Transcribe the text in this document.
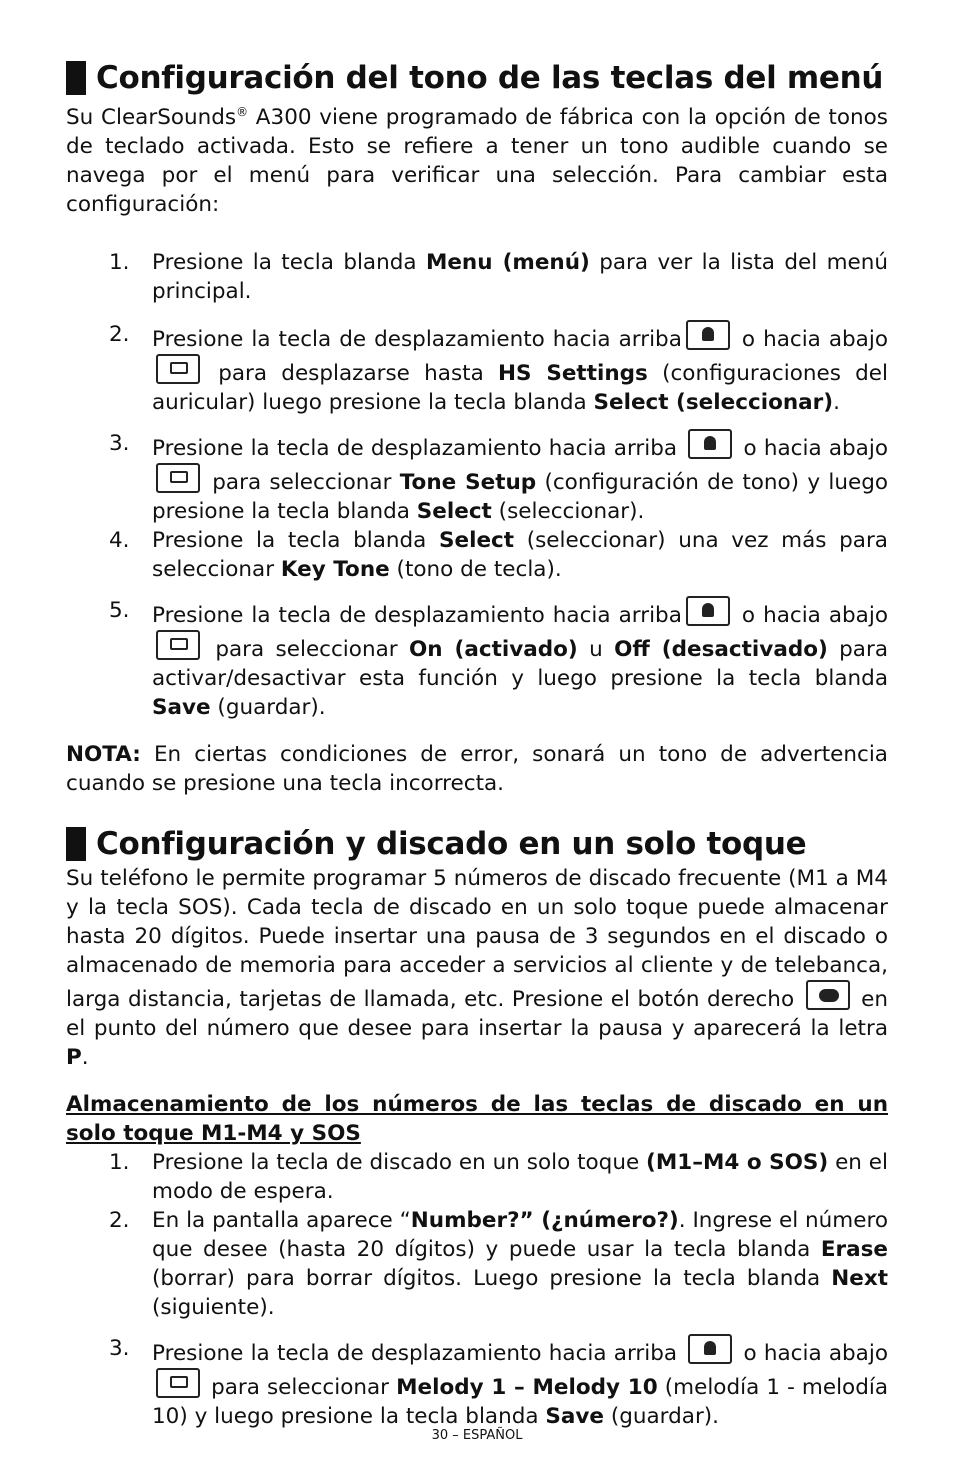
Configuración del tono de las teclas del menú

Su ClearSounds® A300 viene programado de fábrica con la opción de tonos de teclado activada. Esto se refiere a tener un tono audible cuando se navega por el menú para verificar una selección. Para cambiar esta configuración:

1. Presione la tecla blanda Menu (menú) para ver la lista del menú principal.
2. Presione la tecla de desplazamiento hacia arriba o hacia abajo  para desplazarse hasta HS Settings (configuraciones del auricular) luego presione la tecla blanda Select (seleccionar).
3. Presione la tecla de desplazamiento hacia arriba  o hacia abajo  para seleccionar Tone Setup (configuración de tono) y luego presione la tecla blanda Select (seleccionar).
4. Presione la tecla blanda Select (seleccionar) una vez más para seleccionar Key Tone (tono de tecla).
5. Presione la tecla de desplazamiento hacia arriba o hacia abajo  para seleccionar On (activado) u Off (desactivado) para activar/desactivar esta función y luego presione la tecla blanda Save (guardar).

NOTA: En ciertas condiciones de error, sonará un tono de advertencia cuando se presione una tecla incorrecta.

Configuración y discado en un solo toque

Su teléfono le permite programar 5 números de discado frecuente (M1 a M4 y la tecla SOS). Cada tecla de discado en un solo toque puede almacenar hasta 20 dígitos. Puede insertar una pausa de 3 segundos en el discado o almacenado de memoria para acceder a servicios al cliente y de telebanca, larga distancia, tarjetas de llamada, etc. Presione el botón derecho  en el punto del número que desee para insertar la pausa y aparecerá la letra P.

Almacenamiento de los números de las teclas de discado en un solo toque M1-M4 y SOS

1. Presione la tecla de discado en un solo toque (M1–M4 o SOS) en el modo de espera.
2. En la pantalla aparece “Number?” (¿número?). Ingrese el número que desee (hasta 20 dígitos) y puede usar la tecla blanda Erase (borrar) para borrar dígitos. Luego presione la tecla blanda Next (siguiente).
3. Presione la tecla de desplazamiento hacia arriba  o hacia abajo  para seleccionar Melody 1 – Melody 10 (melodía 1 - melodía 10) y luego presione la tecla blanda Save (guardar).
30 – ESPAÑOL
